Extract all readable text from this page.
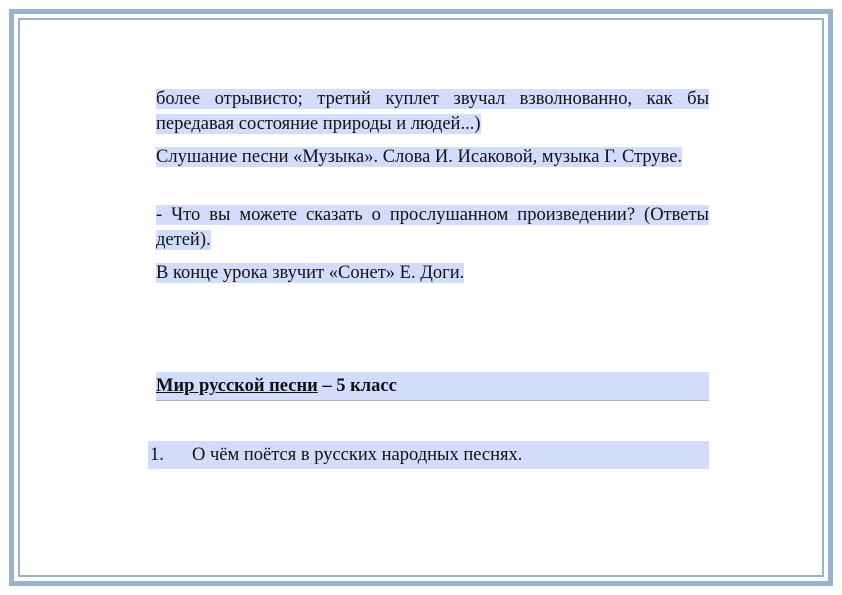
более отрывисто; третий куплет звучал взволнованно, как бы передавая состояние природы и людей...)

Слушание песни «Музыка». Слова И. Исаковой, музыка Г. Струве.

- Что вы можете сказать о прослушанном произведении? (Ответы детей).

В конце урока звучит «Сонет» Е. Доги.

Мир русской песни – 5 класс
1. О чём поётся в русских народных песнях.
